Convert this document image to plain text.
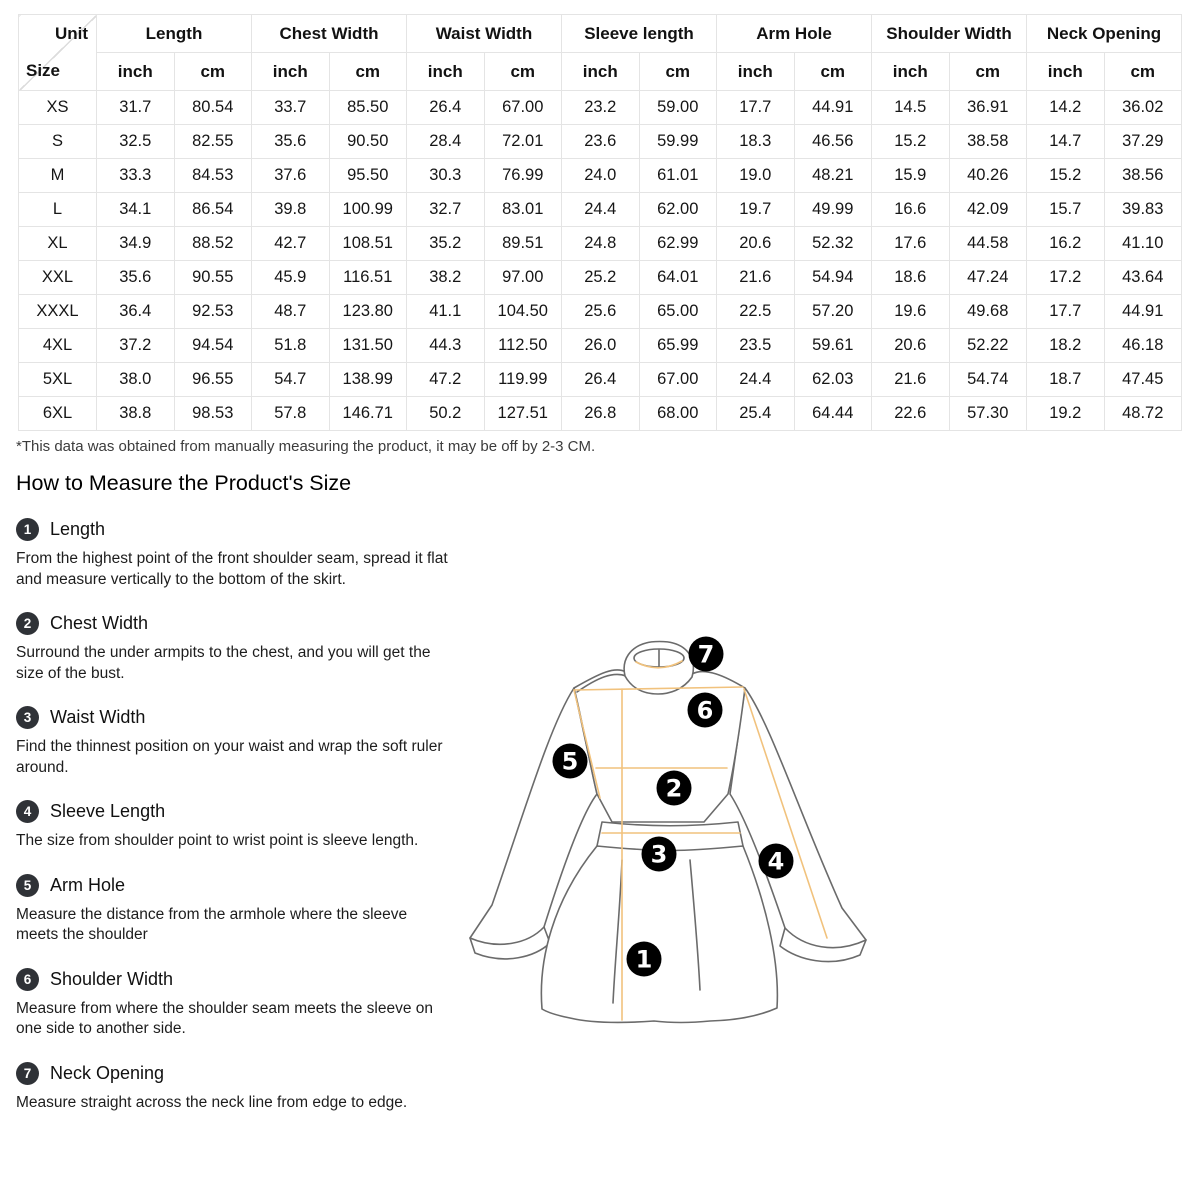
Unit
Size	Length		Chest Width		Waist Width		Sleeve length		Arm Hole		Shoulder Width		Neck Opening	
	inch	cm	inch	cm	inch	cm	inch	cm	inch	cm	inch	cm	inch	cm
XS	31.7	80.54	33.7	85.50	26.4	67.00	23.2	59.00	17.7	44.91	14.5	36.91	14.2	36.02
S	32.5	82.55	35.6	90.50	28.4	72.01	23.6	59.99	18.3	46.56	15.2	38.58	14.7	37.29
M	33.3	84.53	37.6	95.50	30.3	76.99	24.0	61.01	19.0	48.21	15.9	40.26	15.2	38.56
L	34.1	86.54	39.8	100.99	32.7	83.01	24.4	62.00	19.7	49.99	16.6	42.09	15.7	39.83
XL	34.9	88.52	42.7	108.51	35.2	89.51	24.8	62.99	20.6	52.32	17.6	44.58	16.2	41.10
XXL	35.6	90.55	45.9	116.51	38.2	97.00	25.2	64.01	21.6	54.94	18.6	47.24	17.2	43.64
XXXL	36.4	92.53	48.7	123.80	41.1	104.50	25.6	65.00	22.5	57.20	19.6	49.68	17.7	44.91
4XL	37.2	94.54	51.8	131.50	44.3	112.50	26.0	65.99	23.5	59.61	20.6	52.22	18.2	46.18
5XL	38.0	96.55	54.7	138.99	47.2	119.99	26.4	67.00	24.4	62.03	21.6	54.74	18.7	47.45
6XL	38.8	98.53	57.8	146.71	50.2	127.51	26.8	68.00	25.4	64.44	22.6	57.30	19.2	48.72

*This data was obtained from manually measuring the product, it may be off by 2-3 CM.

How to Measure the Product's Size
1	Length

From the highest point of the front shoulder seam, spread it flat and measure vertically to the bottom of the skirt.

2	Chest Width

Surround the under armpits to the chest, and you will get the size of the bust.

3	Waist Width

Find the thinnest position on your waist and wrap the soft ruler around.

4	Sleeve Length

The size from shoulder point to wrist point is sleeve length.

5	Arm Hole

Measure the distance from the armhole where the sleeve meets the shoulder

6	Shoulder Width

Measure from where the shoulder seam meets the sleeve on one side to another side.

7	Neck Opening

Measure straight across the neck line from edge to edge.

1
2
3	4
5
6
7
